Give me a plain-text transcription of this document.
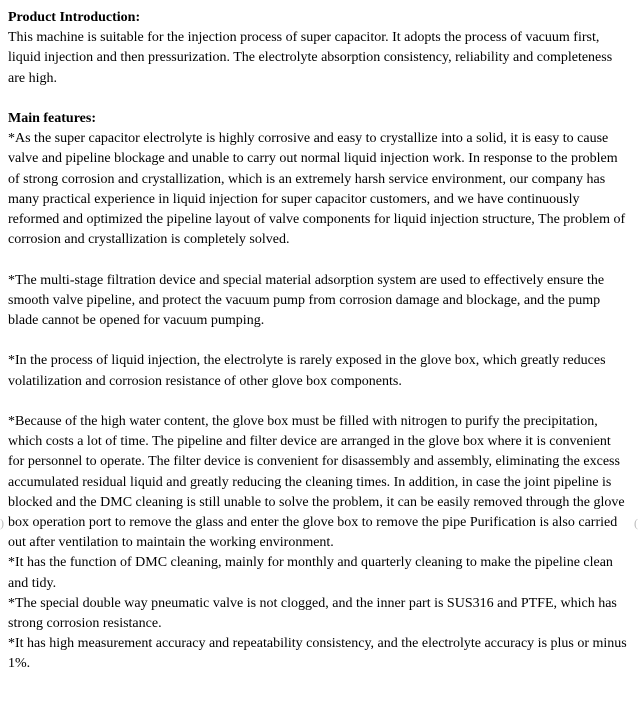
Product Introduction:

This machine is suitable for the injection process of super capacitor. It adopts the process of vacuum first, liquid injection and then pressurization. The electrolyte absorption consistency, reliability and completeness are high.

Main features:

*As the super capacitor electrolyte is highly corrosive and easy to crystallize into a solid, it is easy to cause valve and pipeline blockage and unable to carry out normal liquid injection work. In response to the problem of strong corrosion and crystallization, which is an extremely harsh service environment, our company has many practical experience in liquid injection for super capacitor customers, and we have continuously reformed and optimized the pipeline layout of valve components for liquid injection structure, The problem of corrosion and crystallization is completely solved.

*The multi-stage filtration device and special material adsorption system are used to effectively ensure the smooth valve pipeline, and protect the vacuum pump from corrosion damage and blockage, and the pump blade cannot be opened for vacuum pumping.

*In the process of liquid injection, the electrolyte is rarely exposed in the glove box, which greatly reduces volatilization and corrosion resistance of other glove box components.

*Because of the high water content, the glove box must be filled with nitrogen to purify the precipitation, which costs a lot of time. The pipeline and filter device are arranged in the glove box where it is convenient for personnel to operate. The filter device is convenient for disassembly and assembly, eliminating the excess accumulated residual liquid and greatly reducing the cleaning times. In addition, in case the joint pipeline is blocked and the DMC cleaning is still unable to solve the problem, it can be easily removed through the glove box operation port to remove the glass and enter the glove box to remove the pipe Purification is also carried out after ventilation to maintain the working environment.

*It has the function of DMC cleaning, mainly for monthly and quarterly cleaning to make the pipeline clean and tidy.

*The special double way pneumatic valve is not clogged, and the inner part is SUS316 and PTFE, which has strong corrosion resistance.

*It has high measurement accuracy and repeatability consistency, and the electrolyte accuracy is plus or minus 1%.

)	(
